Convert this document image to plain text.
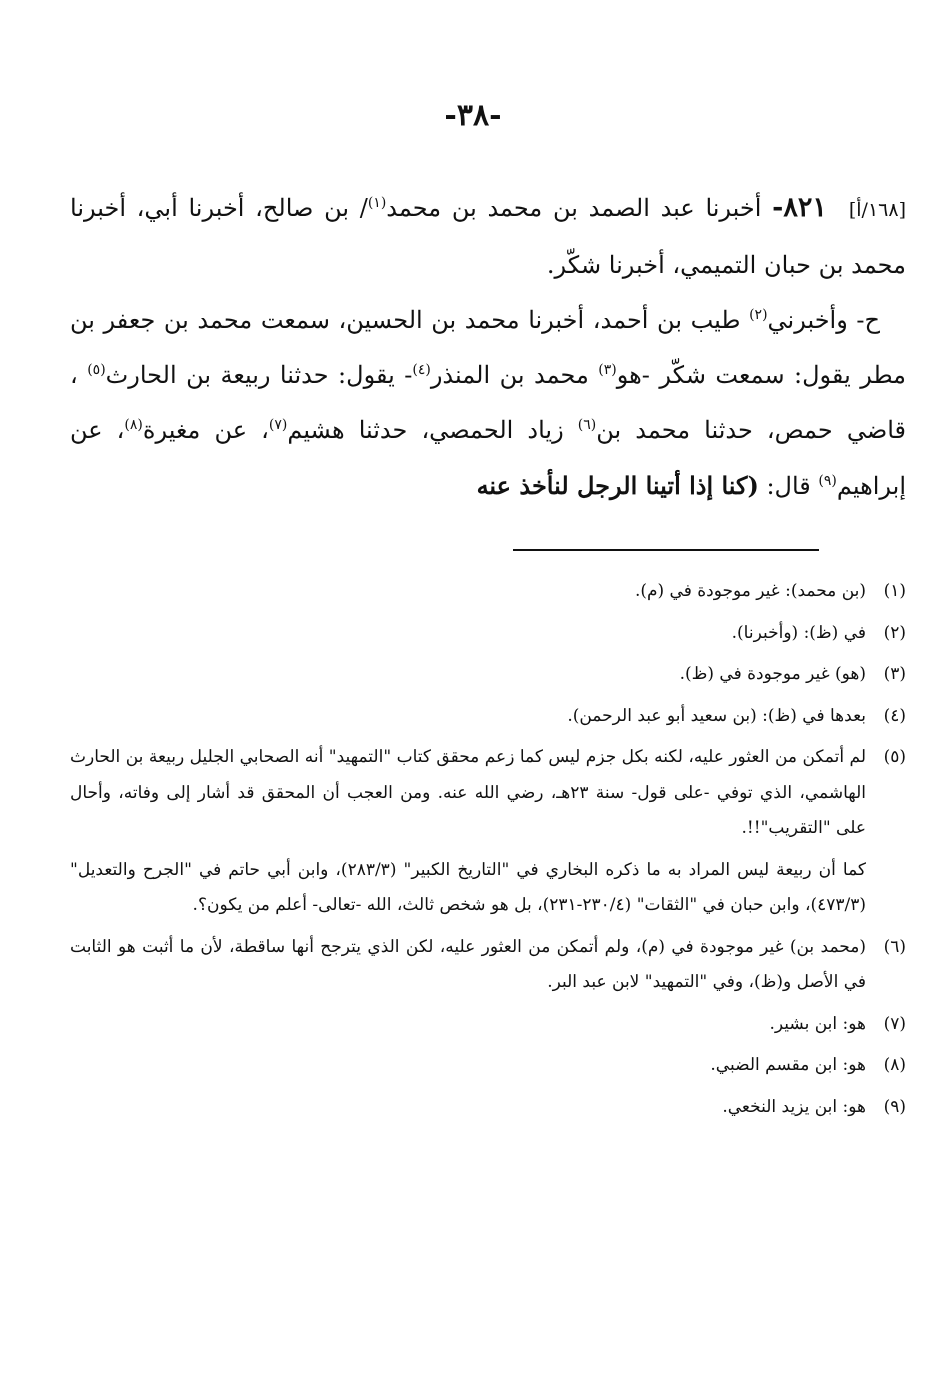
-٣٨-

[١٦٨/أ]٨٢١- أخبرنا عبد الصمد بن محمد بن محمد$^{(١)}$/ بن صالح، أخبرنا أبي، أخبرنا محمد بن حبان التميمي، أخبرنا شكّر.

ح- وأخبرني$^{(٢)}$ طيب بن أحمد، أخبرنا محمد بن الحسين، سمعت محمد بن جعفر بن مطر يقول: سمعت شكّر -هو$^{(٣)}$ محمد بن المنذر$^{(٤)}$- يقول: حدثنا ربيعة بن الحارث$^{(٥)}$ ، قاضي حمص، حدثنا محمد بن$^{(٦)}$ زياد الحمصي، حدثنا هشيم$^{(٧)}$، عن مغيرة$^{(٨)}$، عن إبراهيم$^{(٩)}$ قال: (كنا إذا أتينا الرجل لنأخذ عنه

(١)(بن محمد): غير موجودة في (م).

(٢)في (ظ): (وأخبرنا).

(٣)(هو) غير موجودة في (ظ).

(٤)بعدها في (ظ): (بن سعيد أبو عبد الرحمن).

(٥)لم أتمكن من العثور عليه، لكنه بكل جزم ليس كما زعم محقق كتاب "التمهيد" أنه الصحابي الجليل ربيعة بن الحارث الهاشمي، الذي توفي -على قول- سنة ٢٣هـ، رضي الله عنه. ومن العجب أن المحقق قد أشار إلى وفاته، وأحال على "التقريب"!!.

كما أن ربيعة ليس المراد به ما ذكره البخاري في "التاريخ الكبير" (٢٨٣/٣)، وابن أبي حاتم في "الجرح والتعديل" (٤٧٣/٣)، وابن حبان في "الثقات" (٢٣٠/٤-٢٣١)، بل هو شخص ثالث، الله -تعالى- أعلم من يكون؟.

(٦)(محمد بن) غير موجودة في (م)، ولم أتمكن من العثور عليه، لكن الذي يترجح أنها ساقطة، لأن ما أثبت هو الثابت في الأصل و(ظ)، وفي "التمهيد" لابن عبد البر.

(٧)هو: ابن بشير.

(٨)هو: ابن مقسم الضبي.

(٩)هو: ابن يزيد النخعي.
